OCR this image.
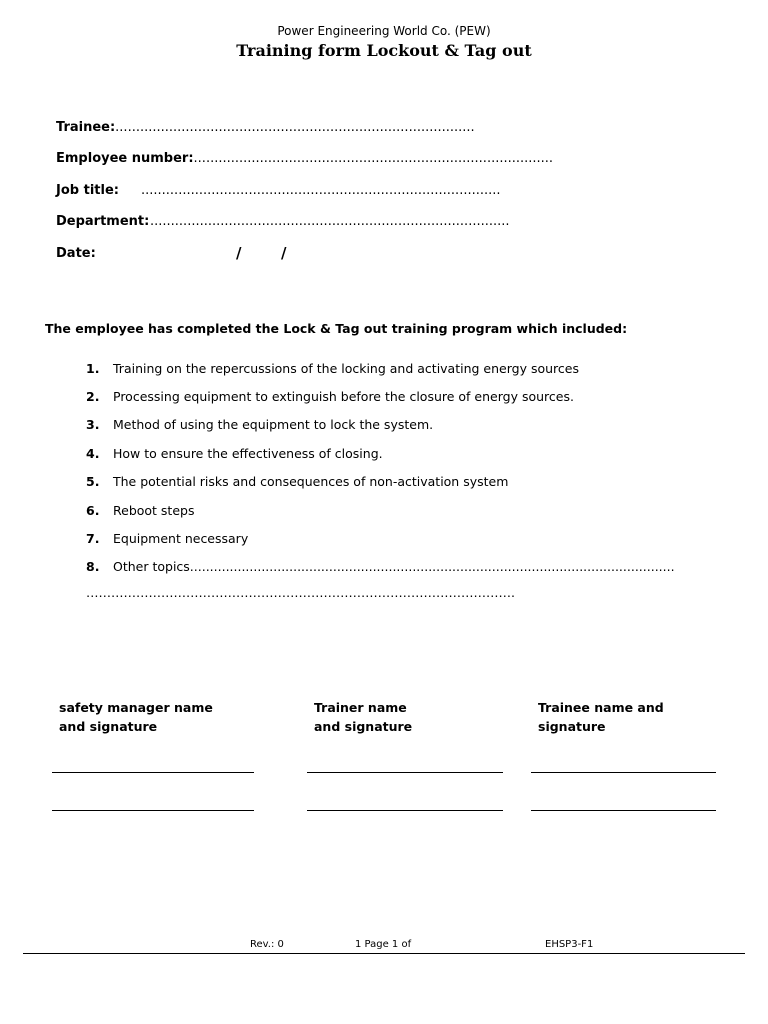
Power Engineering World Co. (PEW)
Training form Lockout & Tag out
Trainee:.......................................................................................
Employee number:.......................................................................................
Job title: .......................................................................................
Department: .......................................................................................
Date:	/	/
The employee has completed the Lock & Tag out training program which included:
1. Training on the repercussions of the locking and activating energy sources
2. Processing equipment to extinguish before the closure of energy sources.
3. Method of using the equipment to lock the system.
4. How to ensure the effectiveness of closing.
5. The potential risks and consequences of non-activation system
6. Reboot steps
7. Equipment necessary
8. Other topics..........................................................................................................................
………………………………………………………………………………………….
safety manager name and signature
Trainer name and signature
Trainee name and signature
Rev.: 0	1 Page 1 of	EHSP3-F1
